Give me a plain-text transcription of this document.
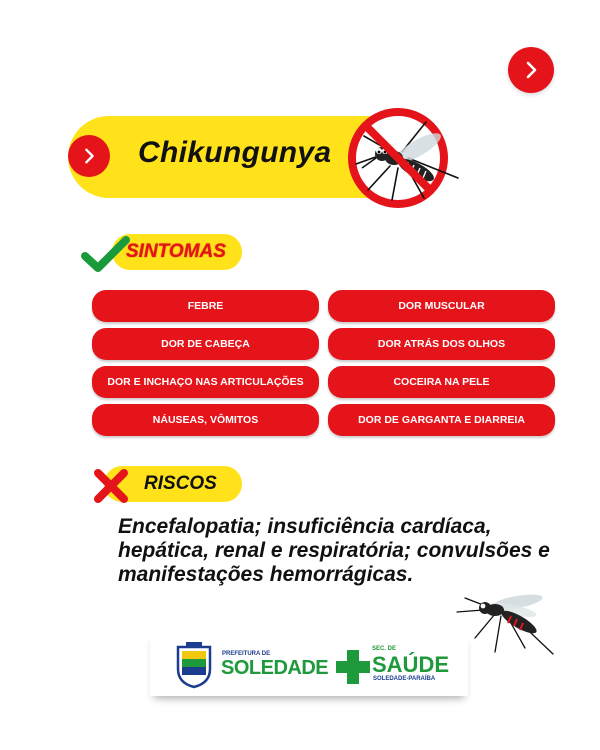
Chikungunya
SINTOMAS
FEBRE	DOR MUSCULAR
DOR DE CABEÇA	DOR ATRÁS DOS OLHOS
DOR E INCHAÇO NAS ARTICULAÇÕES	COCEIRA NA PELE
NÁUSEAS, VÔMITOS	DOR DE GARGANTA E DIARREIA
RISCOS
Encefalopatia; insuficiência cardíaca, hepática, renal e respiratória; convulsões e manifestações hemorrágicas.
PREFEITURA DE
SOLEDADE
SEC. DE
SAÚDE
SOLEDADE-PARAÍBA
